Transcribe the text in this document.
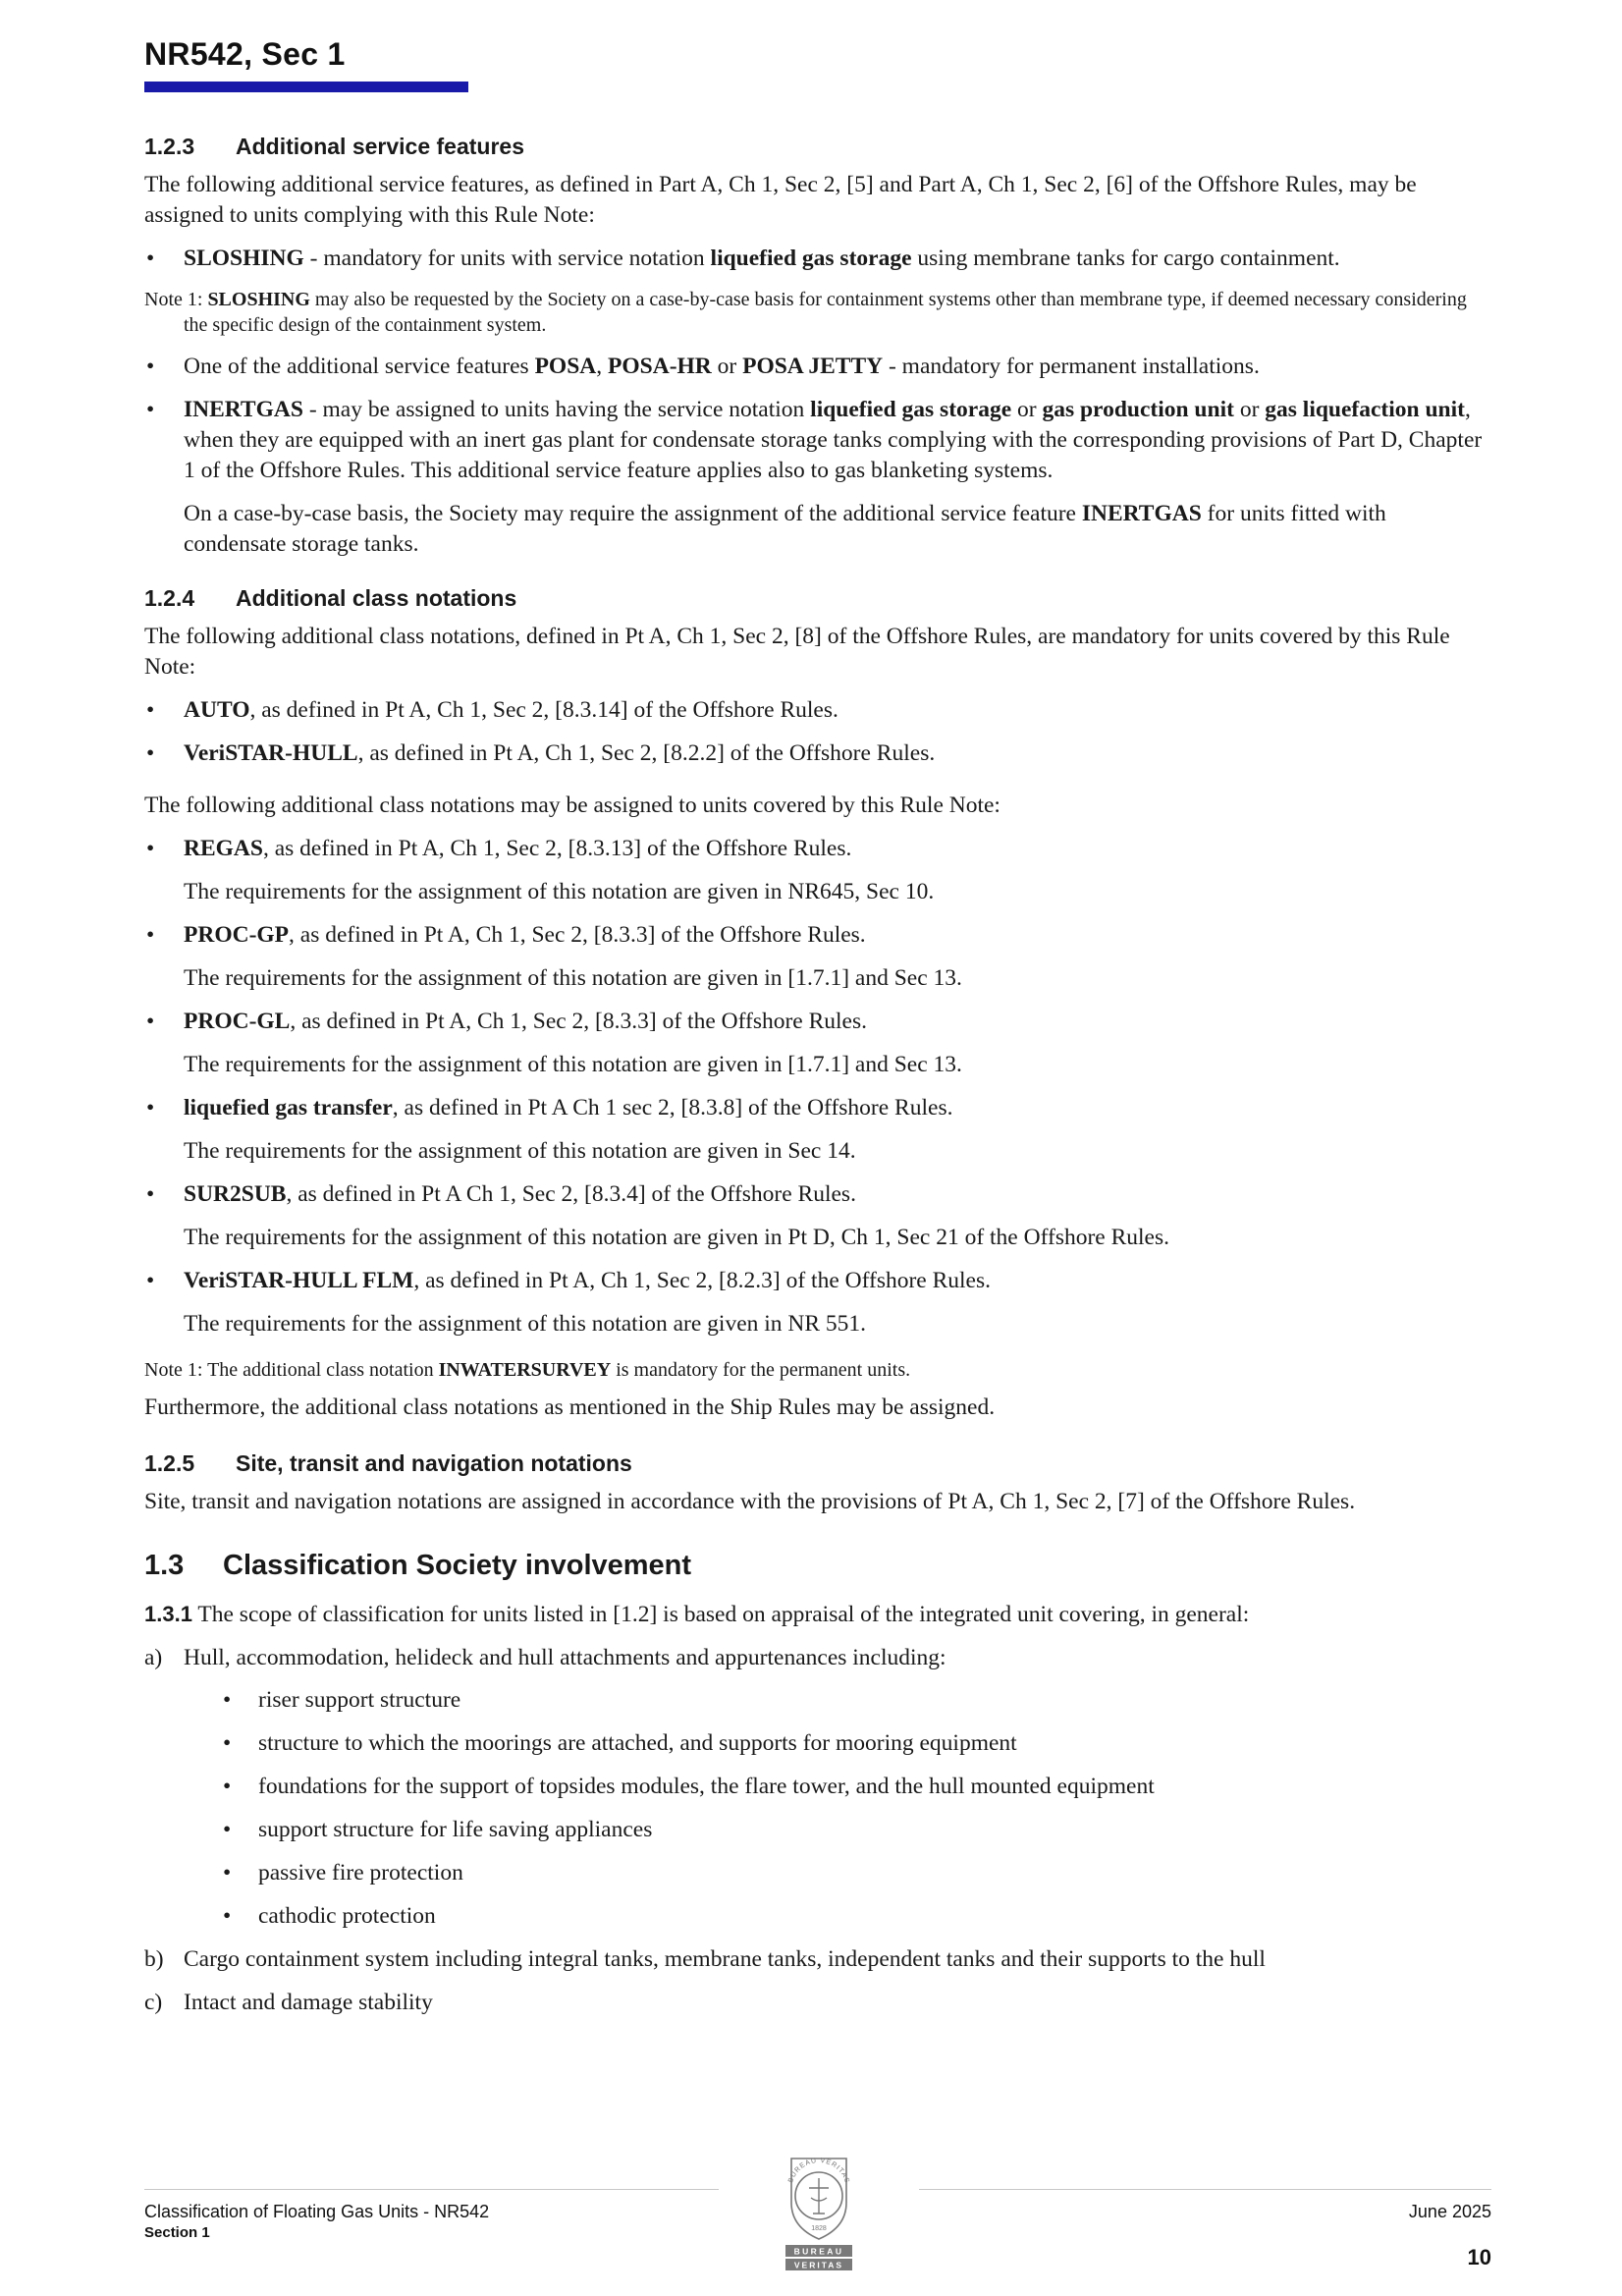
NR542, Sec 1
1.2.3	Additional service features

The following additional service features, as defined in Part A, Ch 1, Sec 2, [5] and Part A, Ch 1, Sec 2, [6] of the Offshore Rules, may be assigned to units complying with this Rule Note:

• SLOSHING - mandatory for units with service notation liquefied gas storage using membrane tanks for cargo containment.
Note 1: SLOSHING may also be requested by the Society on a case-by-case basis for containment systems other than membrane type, if deemed necessary considering the specific design of the containment system.
• One of the additional service features POSA, POSA-HR or POSA JETTY - mandatory for permanent installations.
• INERTGAS - may be assigned to units having the service notation liquefied gas storage or gas production unit or gas liquefaction unit, when they are equipped with an inert gas plant for condensate storage tanks complying with the corresponding provisions of Part D, Chapter 1 of the Offshore Rules. This additional service feature applies also to gas blanketing systems.
On a case-by-case basis, the Society may require the assignment of the additional service feature INERTGAS for units fitted with condensate storage tanks.
1.2.4	Additional class notations

The following additional class notations, defined in Pt A, Ch 1, Sec 2, [8] of the Offshore Rules, are mandatory for units covered by this Rule Note:

• AUTO, as defined in Pt A, Ch 1, Sec 2, [8.3.14] of the Offshore Rules.
• VeriSTAR-HULL, as defined in Pt A, Ch 1, Sec 2, [8.2.2] of the Offshore Rules.

The following additional class notations may be assigned to units covered by this Rule Note:

• REGAS, as defined in Pt A, Ch 1, Sec 2, [8.3.13] of the Offshore Rules.
The requirements for the assignment of this notation are given in NR645, Sec 10.
• PROC-GP, as defined in Pt A, Ch 1, Sec 2, [8.3.3] of the Offshore Rules.
The requirements for the assignment of this notation are given in [1.7.1] and Sec 13.
• PROC-GL, as defined in Pt A, Ch 1, Sec 2, [8.3.3] of the Offshore Rules.
The requirements for the assignment of this notation are given in [1.7.1] and Sec 13.
• liquefied gas transfer, as defined in Pt A Ch 1 sec 2, [8.3.8] of the Offshore Rules.
The requirements for the assignment of this notation are given in Sec 14.
• SUR2SUB, as defined in Pt A Ch 1, Sec 2, [8.3.4] of the Offshore Rules.
The requirements for the assignment of this notation are given in Pt D, Ch 1, Sec 21 of the Offshore Rules.
• VeriSTAR-HULL FLM, as defined in Pt A, Ch 1, Sec 2, [8.2.3] of the Offshore Rules.
The requirements for the assignment of this notation are given in NR 551.
Note 1: The additional class notation INWATERSURVEY is mandatory for the permanent units.

Furthermore, the additional class notations as mentioned in the Ship Rules may be assigned.

1.2.5	Site, transit and navigation notations

Site, transit and navigation notations are assigned in accordance with the provisions of Pt A, Ch 1, Sec 2, [7] of the Offshore Rules.

1.3	Classification Society involvement

1.3.1 The scope of classification for units listed in [1.2] is based on appraisal of the integrated unit covering, in general:

a) Hull, accommodation, helideck and hull attachments and appurtenances including:
• riser support structure
• structure to which the moorings are attached, and supports for mooring equipment
• foundations for the support of topsides modules, the flare tower, and the hull mounted equipment
• support structure for life saving appliances
• passive fire protection
• cathodic protection
b) Cargo containment system including integral tanks, membrane tanks, independent tanks and their supports to the hull
c) Intact and damage stability
Classification of Floating Gas Units - NR542
Section 1
June 2025
10
BUREAU VERITAS
1828
BUREAU
VERITAS
